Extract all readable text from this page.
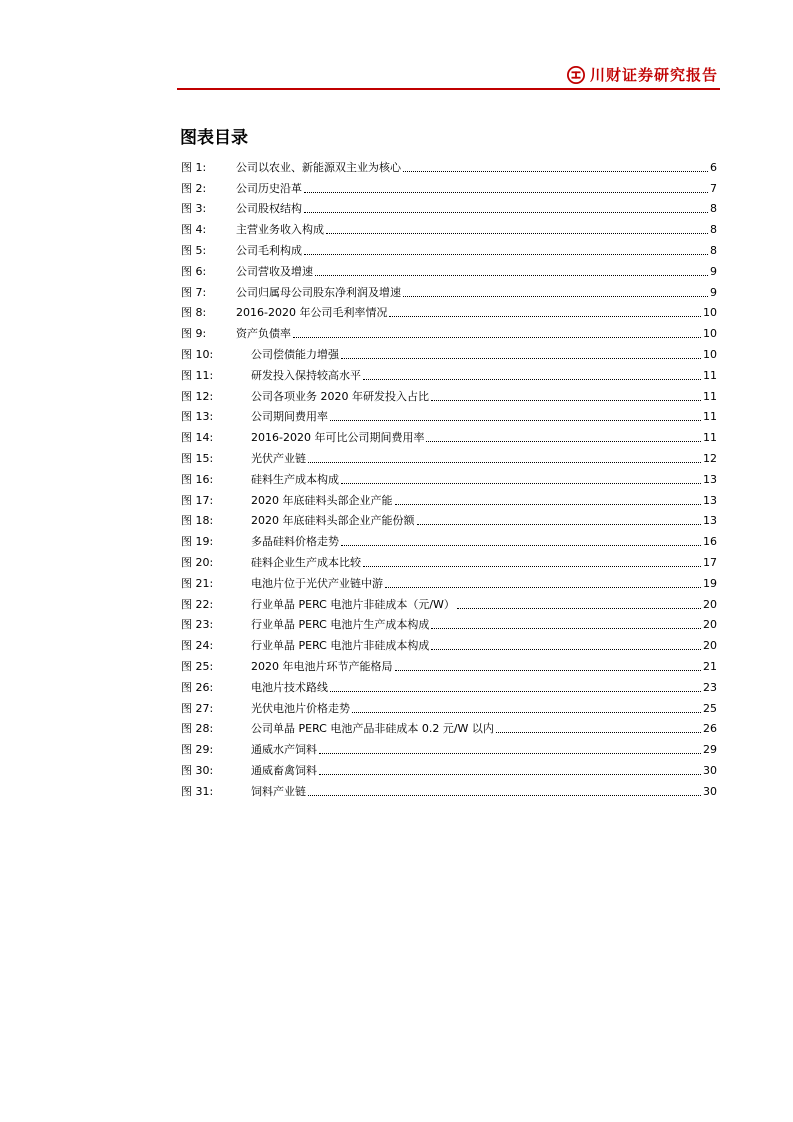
川财证券研究报告
图表目录
图 1:	公司以农业、新能源双主业为核心	6
图 2:	公司历史沿革	7
图 3:	公司股权结构	8
图 4:	主营业务收入构成	8
图 5:	公司毛利构成	8
图 6:	公司营收及增速	9
图 7:	公司归属母公司股东净利润及增速	9
图 8:	2016-2020 年公司毛利率情况	10
图 9:	资产负债率	10
图 10:	公司偿债能力增强	10
图 11:	研发投入保持较高水平	11
图 12:	公司各项业务 2020 年研发投入占比	11
图 13:	公司期间费用率	11
图 14:	2016-2020 年可比公司期间费用率	11
图 15:	光伏产业链	12
图 16:	硅料生产成本构成	13
图 17:	2020 年底硅料头部企业产能	13
图 18:	2020 年底硅料头部企业产能份额	13
图 19:	多晶硅料价格走势	16
图 20:	硅料企业生产成本比较	17
图 21:	电池片位于光伏产业链中游	19
图 22:	行业单晶 PERC 电池片非硅成本（元/W）	20
图 23:	行业单晶 PERC 电池片生产成本构成	20
图 24:	行业单晶 PERC 电池片非硅成本构成	20
图 25:	2020 年电池片环节产能格局	21
图 26:	电池片技术路线	23
图 27:	光伏电池片价格走势	25
图 28:	公司单晶 PERC 电池产品非硅成本 0.2 元/W 以内	26
图 29:	通威水产饲料	29
图 30:	通威畜禽饲料	30
图 31:	饲料产业链	30
